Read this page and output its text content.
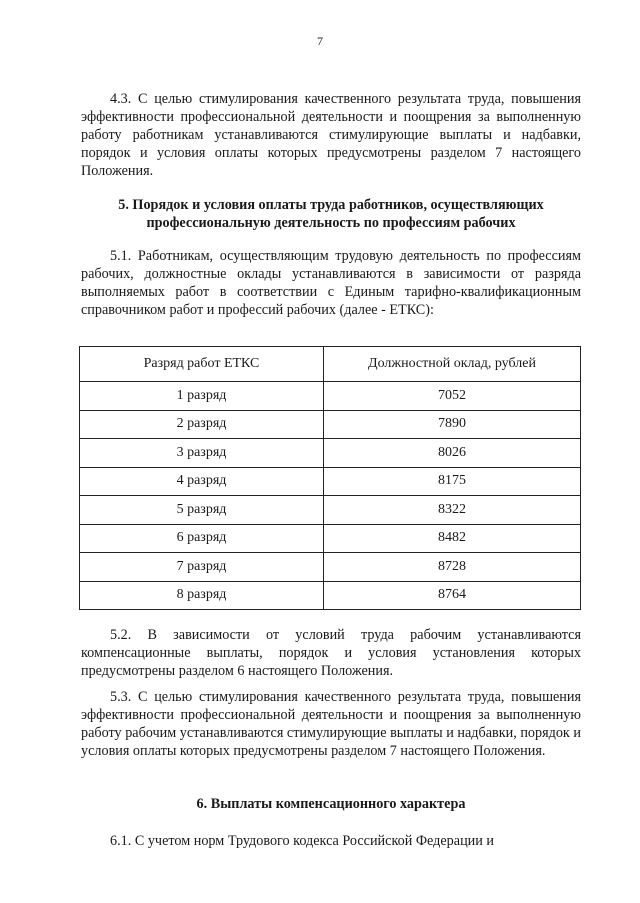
7

4.3. С целью стимулирования качественного результата труда, повышения эффективности профессиональной деятельности и поощрения за выполненную работу работникам устанавливаются стимулирующие выплаты и надбавки, порядок и условия оплаты которых предусмотрены разделом 7 настоящего Положения.

5. Порядок и условия оплаты труда работников, осуществляющих профессиональную деятельность по профессиям рабочих

5.1. Работникам, осуществляющим трудовую деятельность по профессиям рабочих, должностные оклады устанавливаются в зависимости от разряда выполняемых работ в соответствии с Единым тарифно-квалификационным справочником работ и профессий рабочих (далее - ЕТКС):

Разряд работ ЕТКС	Должностной оклад, рублей
1 разряд	7052
2 разряд	7890
3 разряд	8026
4 разряд	8175
5 разряд	8322
6 разряд	8482
7 разряд	8728
8 разряд	8764

5.2. В зависимости от условий труда рабочим устанавливаются компенсационные выплаты, порядок и условия установления которых предусмотрены разделом 6 настоящего Положения.

5.3. С целью стимулирования качественного результата труда, повышения эффективности профессиональной деятельности и поощрения за выполненную работу рабочим устанавливаются стимулирующие выплаты и надбавки, порядок и условия оплаты которых предусмотрены разделом 7 настоящего Положения.

6. Выплаты компенсационного характера

6.1. С учетом норм Трудового кодекса Российской Федерации и
